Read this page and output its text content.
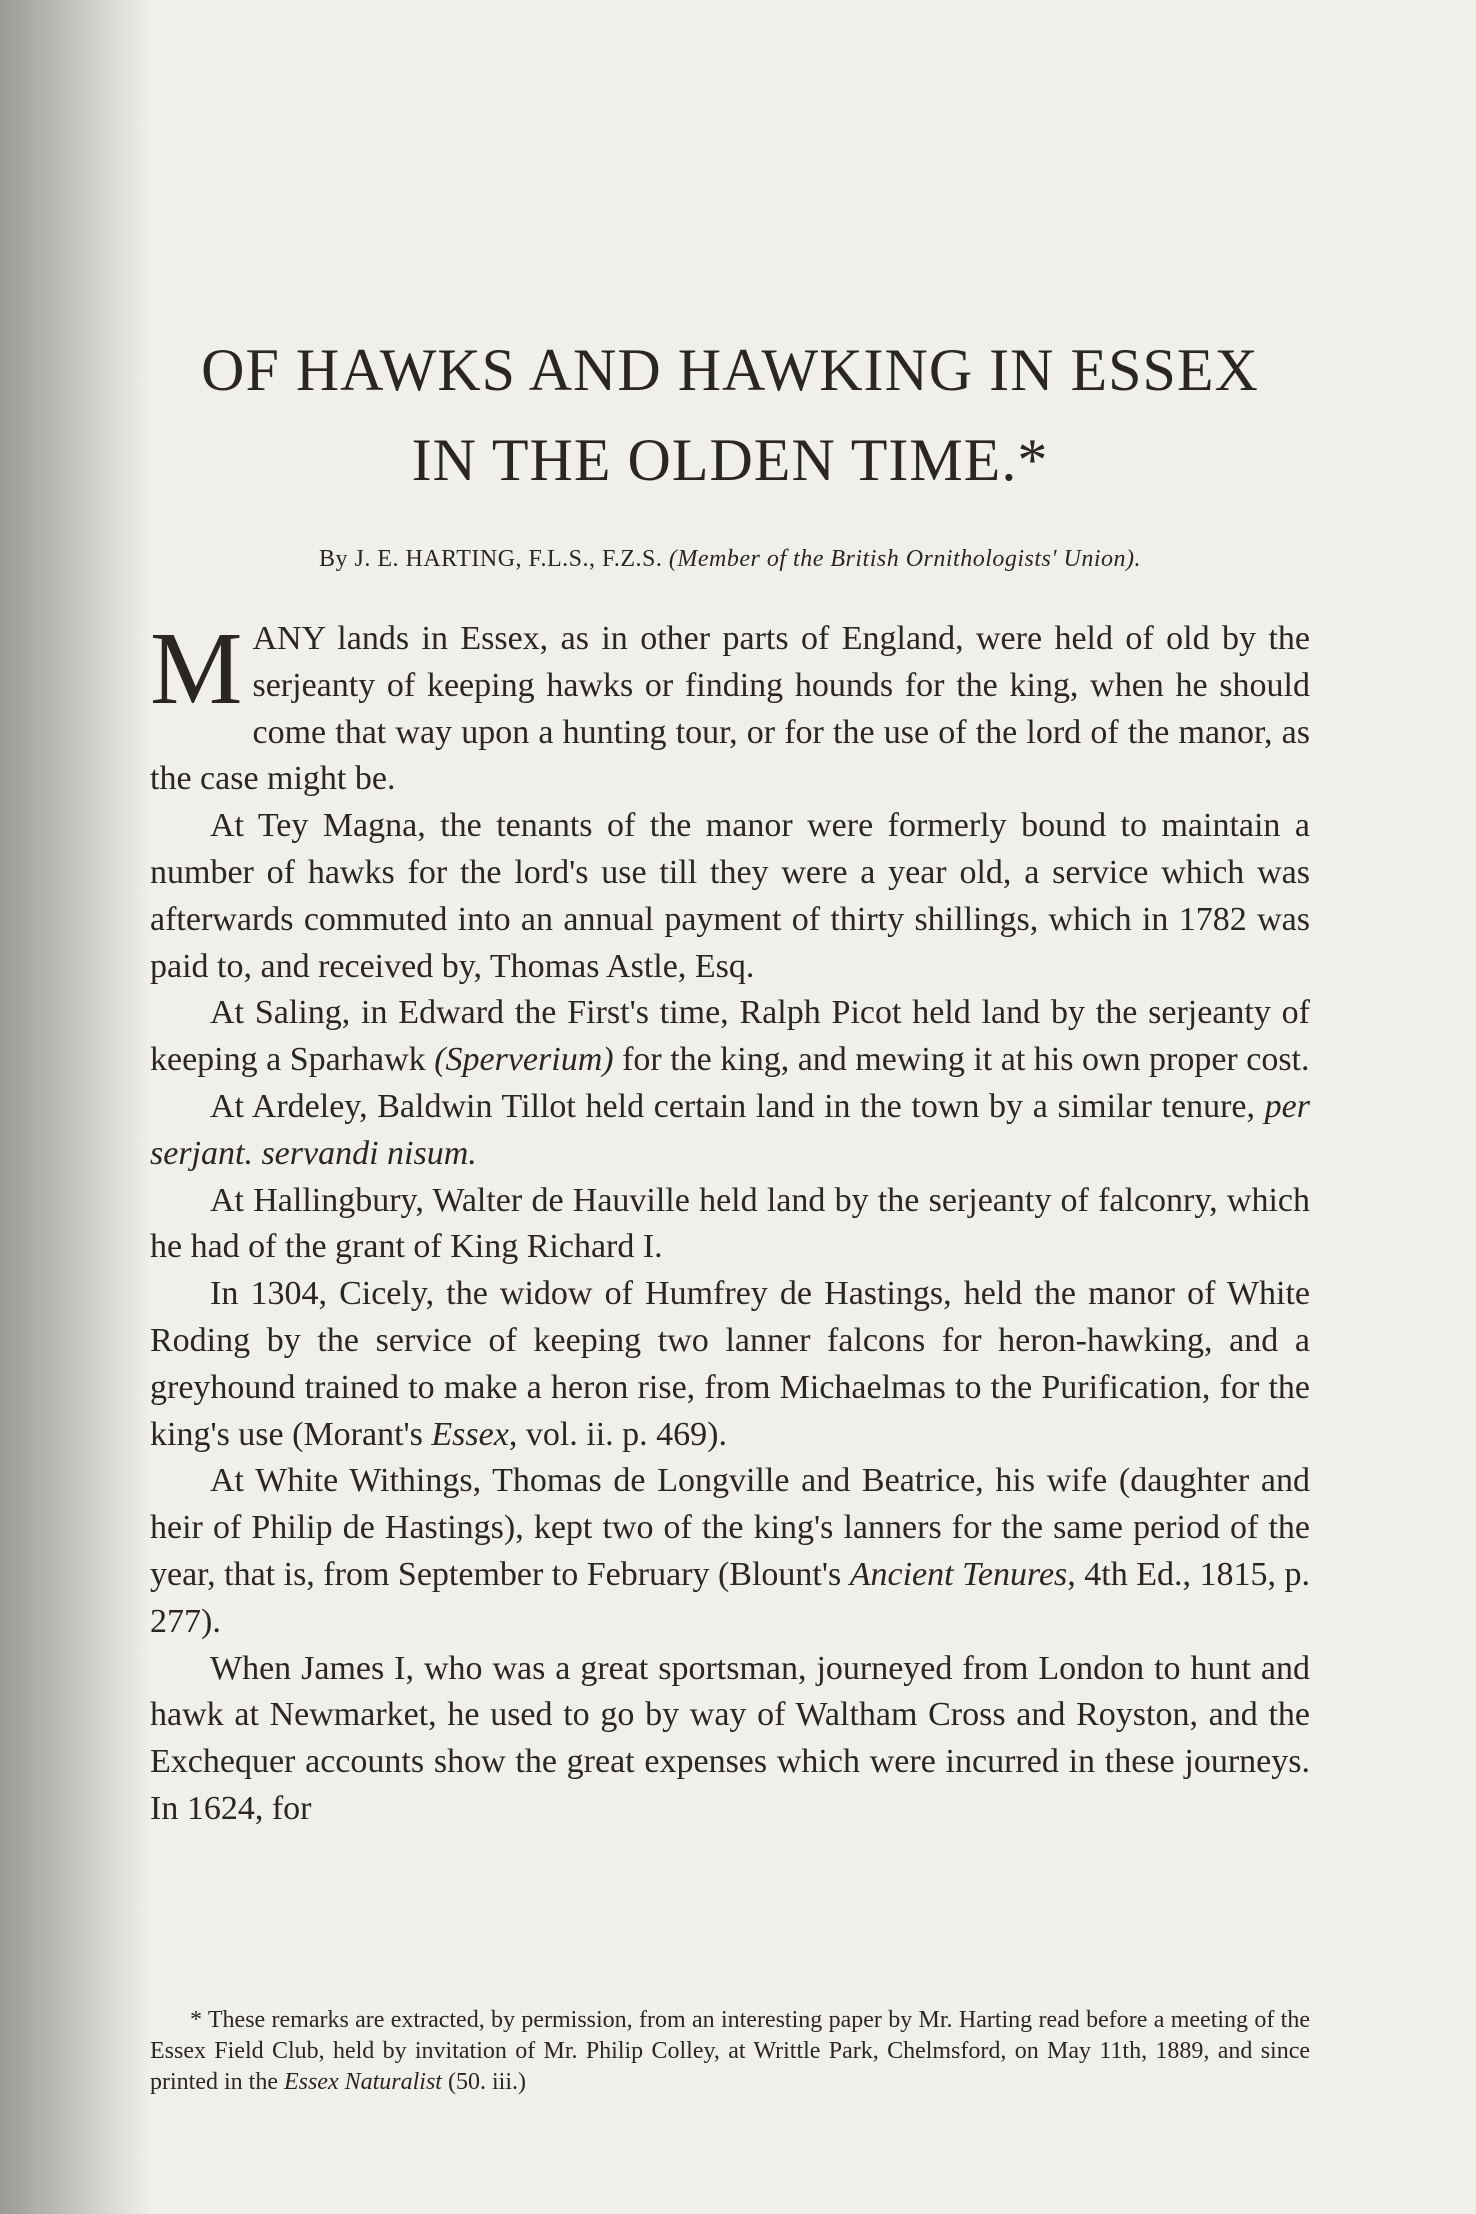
OF HAWKS AND HAWKING IN ESSEX
IN THE OLDEN TIME.*
By J. E. HARTING, F.L.S., F.Z.S. (Member of the British Ornithologists' Union).

MANY lands in Essex, as in other parts of England, were held of old by the serjeanty of keeping hawks or finding hounds for the king, when he should come that way upon a hunting tour, or for the use of the lord of the manor, as the case might be.

At Tey Magna, the tenants of the manor were formerly bound to maintain a number of hawks for the lord's use till they were a year old, a service which was afterwards commuted into an annual payment of thirty shillings, which in 1782 was paid to, and received by, Thomas Astle, Esq.

At Saling, in Edward the First's time, Ralph Picot held land by the serjeanty of keeping a Sparhawk (Sperverium) for the king, and mewing it at his own proper cost.

At Ardeley, Baldwin Tillot held certain land in the town by a similar tenure, per serjant. servandi nisum.

At Hallingbury, Walter de Hauville held land by the serjeanty of falconry, which he had of the grant of King Richard I.

In 1304, Cicely, the widow of Humfrey de Hastings, held the manor of White Roding by the service of keeping two lanner falcons for heron-hawking, and a greyhound trained to make a heron rise, from Michaelmas to the Purification, for the king's use (Morant's Essex, vol. ii. p. 469).

At White Withings, Thomas de Longville and Beatrice, his wife (daughter and heir of Philip de Hastings), kept two of the king's lanners for the same period of the year, that is, from September to February (Blount's Ancient Tenures, 4th Ed., 1815, p. 277).

When James I, who was a great sportsman, journeyed from London to hunt and hawk at Newmarket, he used to go by way of Waltham Cross and Royston, and the Exchequer accounts show the great expenses which were incurred in these journeys. In 1624, for

* These remarks are extracted, by permission, from an interesting paper by Mr. Harting read before a meeting of the Essex Field Club, held by invitation of Mr. Philip Colley, at Writtle Park, Chelmsford, on May 11th, 1889, and since printed in the Essex Naturalist (50. iii.)
